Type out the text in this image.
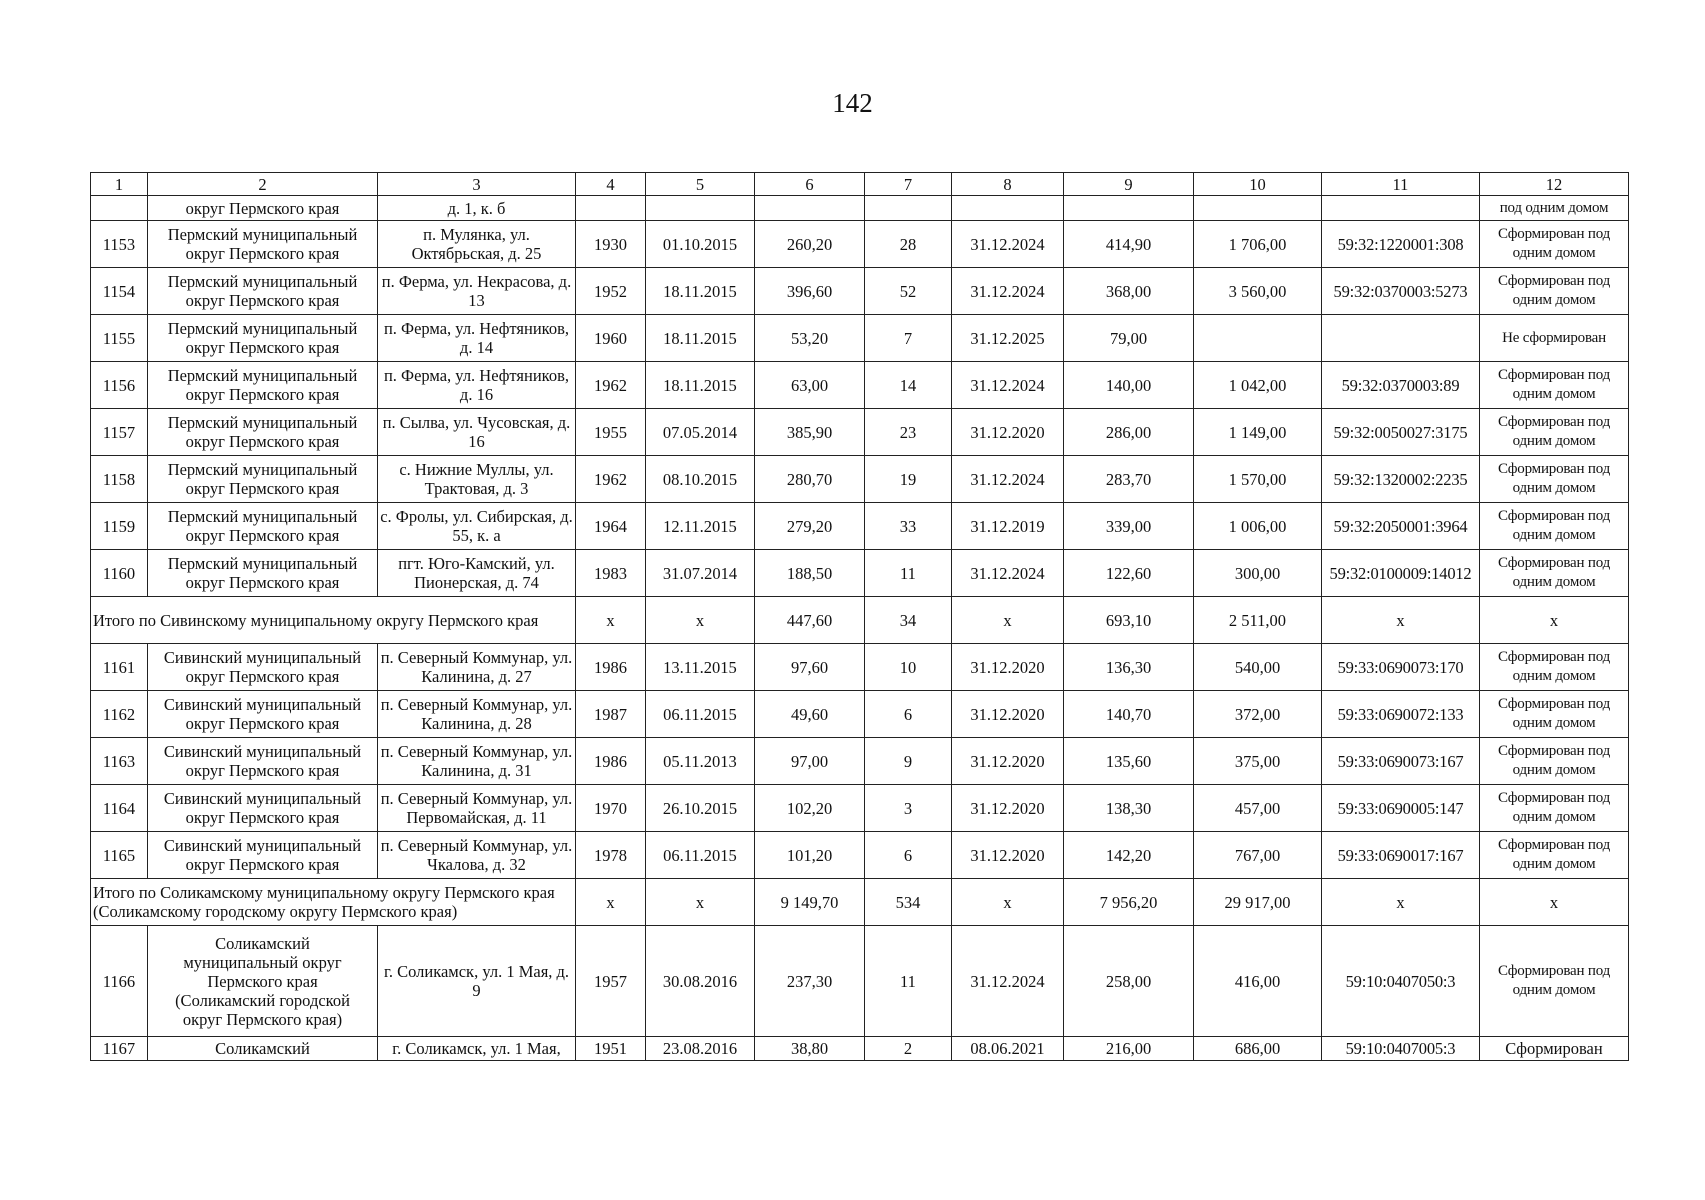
142
1	2	3	4	5	6	7	8	9	10	11	12
	округ Пермского края	д. 1, к. б									под одним домом
1153	Пермский муниципальный округ Пермского края	п. Мулянка, ул. Октябрьская, д. 25	1930	01.10.2015	260,20	28	31.12.2024	414,90	1 706,00	59:32:1220001:308	Сформирован под одним домом
1154	Пермский муниципальный округ Пермского края	п. Ферма, ул. Некрасова, д. 13	1952	18.11.2015	396,60	52	31.12.2024	368,00	3 560,00	59:32:0370003:5273	Сформирован под одним домом
1155	Пермский муниципальный округ Пермского края	п. Ферма, ул. Нефтяников, д. 14	1960	18.11.2015	53,20	7	31.12.2025	79,00			Не сформирован
1156	Пермский муниципальный округ Пермского края	п. Ферма, ул. Нефтяников, д. 16	1962	18.11.2015	63,00	14	31.12.2024	140,00	1 042,00	59:32:0370003:89	Сформирован под одним домом
1157	Пермский муниципальный округ Пермского края	п. Сылва, ул. Чусовская, д. 16	1955	07.05.2014	385,90	23	31.12.2020	286,00	1 149,00	59:32:0050027:3175	Сформирован под одним домом
1158	Пермский муниципальный округ Пермского края	с. Нижние Муллы, ул. Трактовая, д. 3	1962	08.10.2015	280,70	19	31.12.2024	283,70	1 570,00	59:32:1320002:2235	Сформирован под одним домом
1159	Пермский муниципальный округ Пермского края	с. Фролы, ул. Сибирская, д. 55, к. а	1964	12.11.2015	279,20	33	31.12.2019	339,00	1 006,00	59:32:2050001:3964	Сформирован под одним домом
1160	Пермский муниципальный округ Пермского края	пгт. Юго-Камский, ул. Пионерская, д. 74	1983	31.07.2014	188,50	11	31.12.2024	122,60	300,00	59:32:0100009:14012	Сформирован под одним домом
Итого по Сивинскому муниципальному округу Пермского края			x	x	447,60	34	x	693,10	2 511,00	x	x
1161	Сивинский муниципальный округ Пермского края	п. Северный Коммунар, ул. Калинина, д. 27	1986	13.11.2015	97,60	10	31.12.2020	136,30	540,00	59:33:0690073:170	Сформирован под одним домом
1162	Сивинский муниципальный округ Пермского края	п. Северный Коммунар, ул. Калинина, д. 28	1987	06.11.2015	49,60	6	31.12.2020	140,70	372,00	59:33:0690072:133	Сформирован под одним домом
1163	Сивинский муниципальный округ Пермского края	п. Северный Коммунар, ул. Калинина, д. 31	1986	05.11.2013	97,00	9	31.12.2020	135,60	375,00	59:33:0690073:167	Сформирован под одним домом
1164	Сивинский муниципальный округ Пермского края	п. Северный Коммунар, ул. Первомайская, д. 11	1970	26.10.2015	102,20	3	31.12.2020	138,30	457,00	59:33:0690005:147	Сформирован под одним домом
1165	Сивинский муниципальный округ Пермского края	п. Северный Коммунар, ул. Чкалова, д. 32	1978	06.11.2015	101,20	6	31.12.2020	142,20	767,00	59:33:0690017:167	Сформирован под одним домом
Итого по Соликамскому муниципальному округу Пермского края (Соликамскому городскому округу Пермского края)			x	x	9 149,70	534	x	7 956,20	29 917,00	x	x
1166	Соликамский муниципальный округ Пермского края (Соликамский городской округ Пермского края)	г. Соликамск, ул. 1 Мая, д. 9	1957	30.08.2016	237,30	11	31.12.2024	258,00	416,00	59:10:0407050:3	Сформирован под одним домом
1167	Соликамский	г. Соликамск, ул. 1 Мая,	1951	23.08.2016	38,80	2	08.06.2021	216,00	686,00	59:10:0407005:3	Сформирован
